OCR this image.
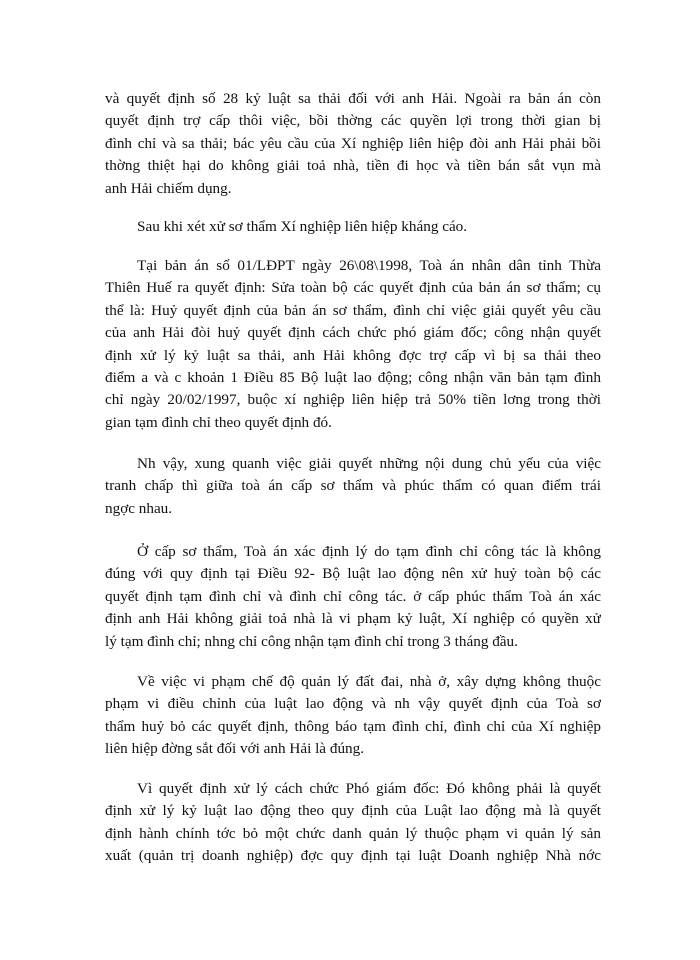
và quyết định số 28 kỷ luật sa thải đối với anh Hải. Ngoài ra bản án còn
quyết định trợ cấp thôi việc, bồi thờng các quyền lợi trong thời gian bị
đình chỉ và sa thải; bác yêu cầu của Xí nghiệp liên hiệp đòi anh Hải phải bồi
thờng thiệt hại do không giải toả nhà, tiền đi học và tiền bán sắt vụn mà
anh Hải chiếm dụng.
Sau khi xét xử sơ thẩm Xí nghiệp liên hiệp kháng cáo.
Tại bản án số 01/LĐPT ngày 26\08\1998, Toà án nhân dân tỉnh Thừa
Thiên Huế ra quyết định: Sửa toàn bộ các quyết định của bản án sơ thẩm; cụ
thể là: Huỷ quyết định của bản án sơ thẩm, đình chỉ việc giải quyết yêu cầu
của anh Hải đòi huỷ quyết định cách chức phó giám đốc; công nhận quyết
định xử lý kỷ luật sa thải, anh Hải không đợc trợ cấp vì bị sa thải theo
điểm a và c khoản 1 Điều 85 Bộ luật lao động; công nhận văn bản tạm đình
chỉ ngày 20/02/1997, buộc xí nghiệp liên hiệp trả 50% tiền lơng trong thời
gian tạm đình chỉ theo quyết định đó.
Nh vậy, xung quanh việc giải quyết những nội dung chủ yếu của việc
tranh chấp thì giữa toà án cấp sơ thẩm và phúc thẩm có quan điểm trái
ngợc nhau.
Ở cấp sơ thẩm, Toà án xác định lý do tạm đình chỉ công tác là không
đúng với quy định tại Điều 92- Bộ luật lao động nên xử huỷ toàn bộ các
quyết định tạm đình chỉ và đình chỉ công tác. ở cấp phúc thẩm Toà án xác
định anh Hải không giải toả nhà là vi phạm kỷ luật, Xí nghiệp có quyền xử
lý tạm đình chỉ; nhng chỉ công nhận tạm đình chỉ trong 3 tháng đầu.
Về việc vi phạm chế độ quản lý đất đai, nhà ở, xây dựng không thuộc
phạm vi điều chỉnh của luật lao động và nh vậy quyết định của Toà sơ
thẩm huỷ bỏ các quyết định, thông báo tạm đình chỉ, đình chỉ của Xí nghiệp
liên hiệp đờng sắt đối với anh Hải là đúng.
Vì quyết định xử lý cách chức Phó giám đốc: Đó không phải là quyết
định xử lý kỷ luật lao động theo quy định của Luật lao động mà là quyết
định hành chính tớc bỏ một chức danh quản lý thuộc phạm vi quản lý sản
xuất (quản trị doanh nghiệp) đợc quy định tại luật Doanh nghiệp Nhà nớc
